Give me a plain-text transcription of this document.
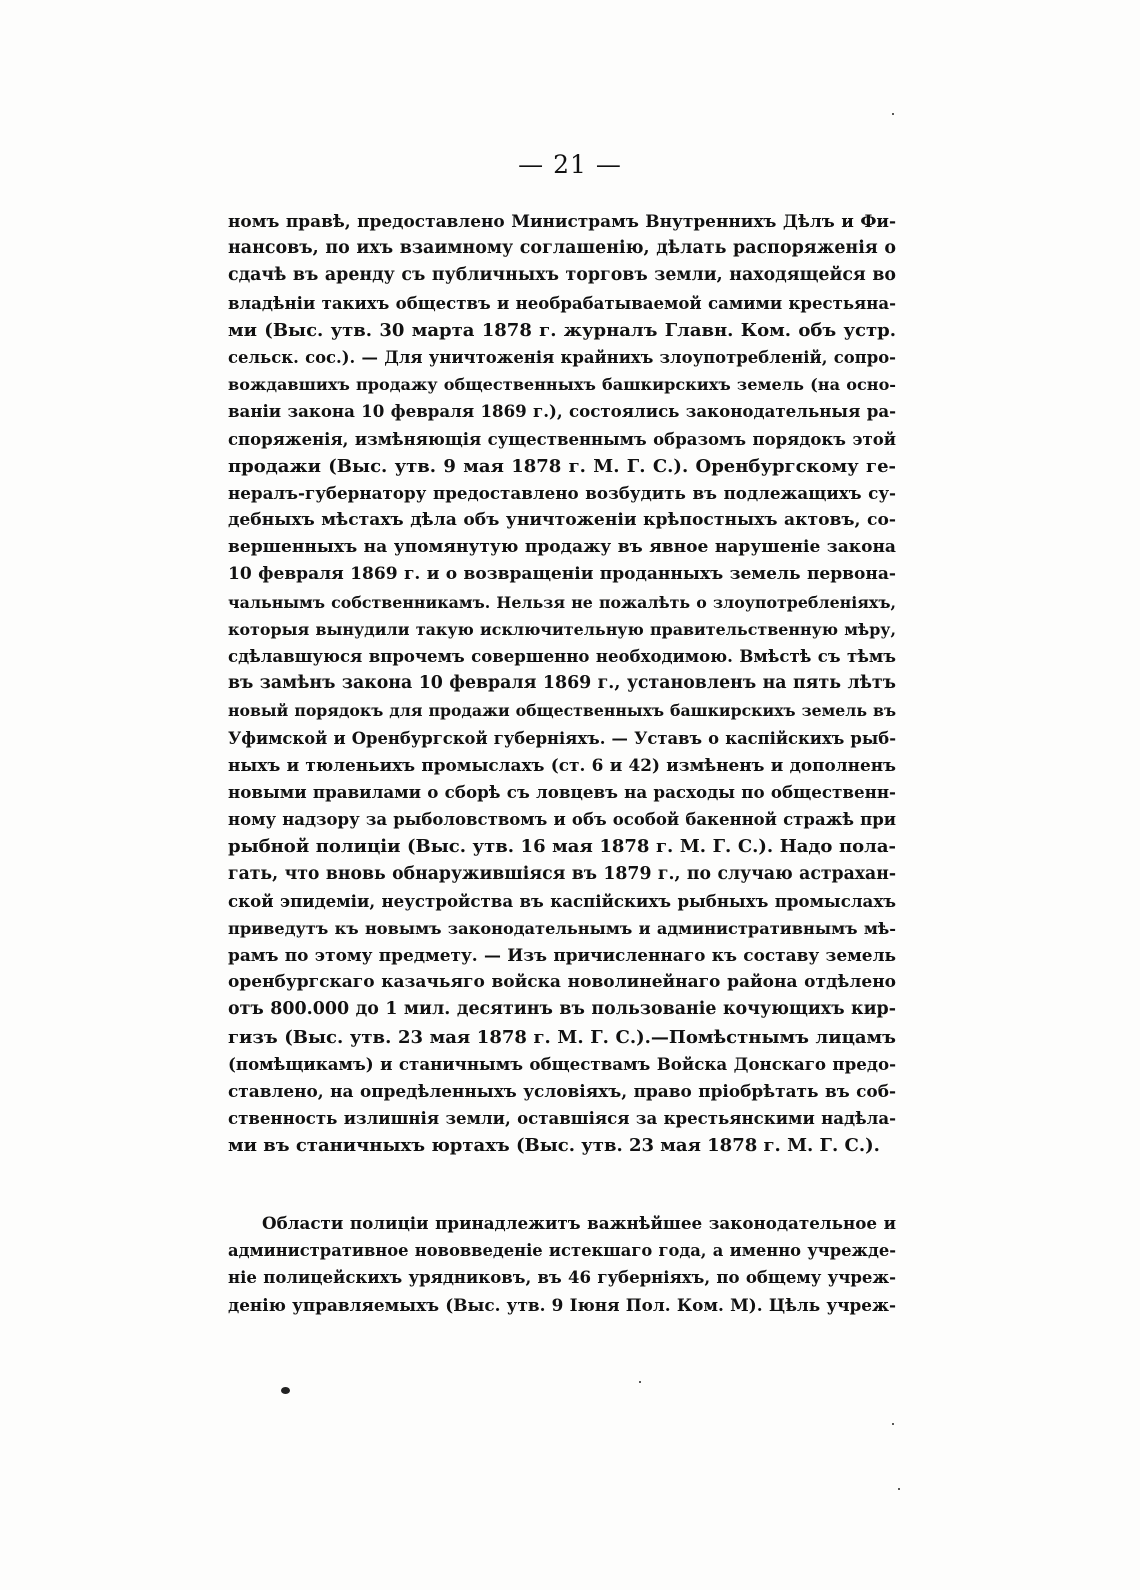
— 21 —
номъ правѣ, предоставлено Министрамъ Внутреннихъ Дѣлъ и Фи-
нансовъ, по ихъ взаимному соглашенію, дѣлать распоряженія о
сдачѣ въ аренду съ публичныхъ торговъ земли, находящейся во
владѣніи такихъ обществъ и необрабатываемой самими крестьяна-
ми (Выс. утв. 30 марта 1878 г. журналъ Главн. Ком. объ устр.
сельск. сос.). — Для уничтоженія крайнихъ злоупотребленій, сопро-
вождавшихъ продажу общественныхъ башкирскихъ земель (на осно-
ваніи закона 10 февраля 1869 г.), состоялись законодательныя ра-
споряженія, измѣняющія существеннымъ образомъ порядокъ этой
продажи (Выс. утв. 9 мая 1878 г. М. Г. С.). Оренбургскому ге-
нералъ-губернатору предоставлено возбудить въ подлежащихъ су-
дебныхъ мѣстахъ дѣла объ уничтоженіи крѣпостныхъ актовъ, со-
вершенныхъ на упомянутую продажу въ явное нарушеніе закона
10 февраля 1869 г. и о возвращеніи проданныхъ земель первона-
чальнымъ собственникамъ. Нельзя не пожалѣть о злоупотребленіяхъ,
которыя вынудили такую исключительную правительственную мѣру,
сдѣлавшуюся впрочемъ совершенно необходимою. Вмѣстѣ съ тѣмъ
въ замѣнъ закона 10 февраля 1869 г., установленъ на пять лѣтъ
новый порядокъ для продажи общественныхъ башкирскихъ земель въ
Уфимской и Оренбургской губерніяхъ. — Уставъ о каспійскихъ рыб-
ныхъ и тюленьихъ промыслахъ (ст. 6 и 42) измѣненъ и дополненъ
новыми правилами о сборѣ съ ловцевъ на расходы по общественн-
ному надзору за рыболовствомъ и объ особой бакенной стражѣ при
рыбной полиціи (Выс. утв. 16 мая 1878 г. М. Г. С.). Надо пола-
гать, что вновь обнаружившіяся въ 1879 г., по случаю астрахан-
ской эпидеміи, неустройства въ каспійскихъ рыбныхъ промыслахъ
приведутъ къ новымъ законодательнымъ и административнымъ мѣ-
рамъ по этому предмету. — Изъ причисленнаго къ составу земель
оренбургскаго казачьяго войска новолинейнаго района отдѣлено
отъ 800.000 до 1 мил. десятинъ въ пользованіе кочующихъ кир-
гизъ (Выс. утв. 23 мая 1878 г. М. Г. С.).—Помѣстнымъ лицамъ
(помѣщикамъ) и станичнымъ обществамъ Войска Донскаго предо-
ставлено, на опредѣленныхъ условіяхъ, право пріобрѣтать въ соб-
ственность излишнія земли, оставшіяся за крестьянскими надѣла-
ми въ станичныхъ юртахъ (Выс. утв. 23 мая 1878 г. М. Г. С.).
Области полиціи принадлежитъ важнѣйшее законодательное и
административное нововведеніе истекшаго года, а именно учрежде-
ніе полицейскихъ урядниковъ, въ 46 губерніяхъ, по общему учреж-
денію управляемыхъ (Выс. утв. 9 Іюня Пол. Ком. М). Цѣль учреж-
